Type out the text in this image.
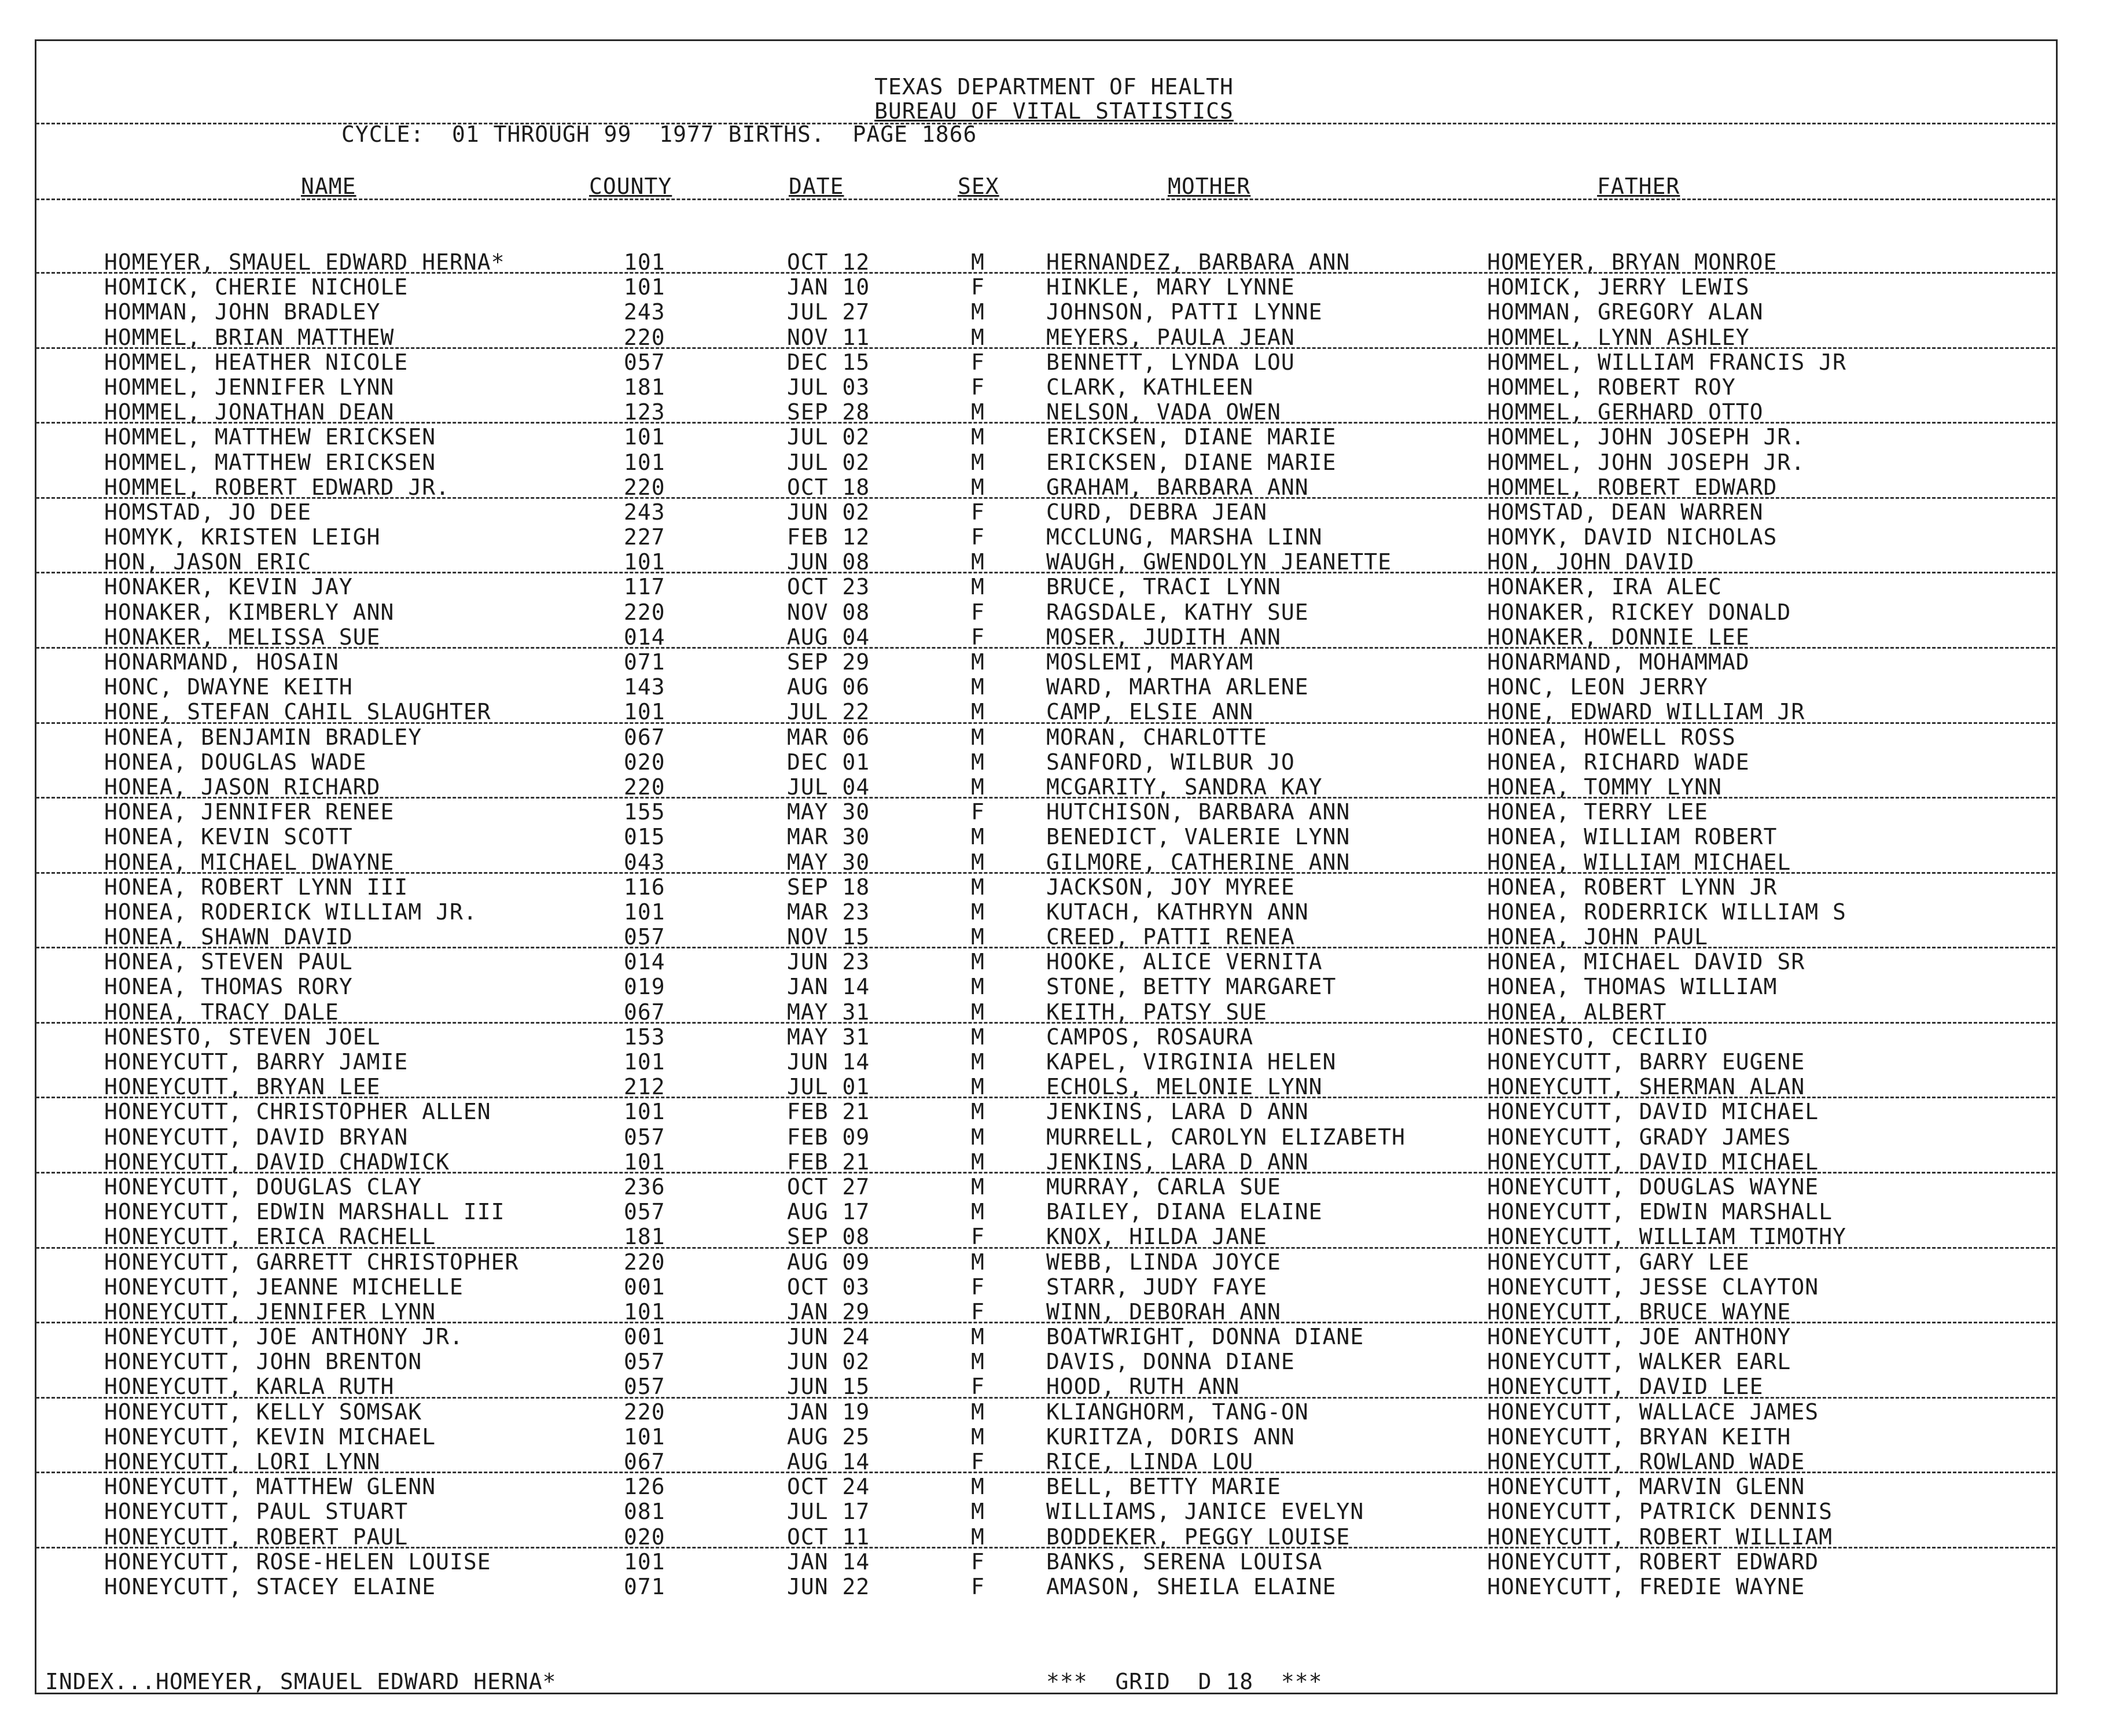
TEXAS DEPARTMENT OF HEALTH
BUREAU OF VITAL STATISTICS
CYCLE:  01 THROUGH 99  1977 BIRTHS.  PAGE 1866
NAME	COUNTY	DATE	SEX	MOTHER	FATHER
HOMEYER, SMAUEL EDWARD HERNA*	101	OCT 12	M	HERNANDEZ, BARBARA ANN	HOMEYER, BRYAN MONROE
HOMICK, CHERIE NICHOLE	101	JAN 10	F	HINKLE, MARY LYNNE	HOMICK, JERRY LEWIS
HOMMAN, JOHN BRADLEY	243	JUL 27	M	JOHNSON, PATTI LYNNE	HOMMAN, GREGORY ALAN
HOMMEL, BRIAN MATTHEW	220	NOV 11	M	MEYERS, PAULA JEAN	HOMMEL, LYNN ASHLEY
HOMMEL, HEATHER NICOLE	057	DEC 15	F	BENNETT, LYNDA LOU	HOMMEL, WILLIAM FRANCIS JR
HOMMEL, JENNIFER LYNN	181	JUL 03	F	CLARK, KATHLEEN	HOMMEL, ROBERT ROY
HOMMEL, JONATHAN DEAN	123	SEP 28	M	NELSON, VADA OWEN	HOMMEL, GERHARD OTTO
HOMMEL, MATTHEW ERICKSEN	101	JUL 02	M	ERICKSEN, DIANE MARIE	HOMMEL, JOHN JOSEPH JR.
HOMMEL, MATTHEW ERICKSEN	101	JUL 02	M	ERICKSEN, DIANE MARIE	HOMMEL, JOHN JOSEPH JR.
HOMMEL, ROBERT EDWARD JR.	220	OCT 18	M	GRAHAM, BARBARA ANN	HOMMEL, ROBERT EDWARD
HOMSTAD, JO DEE	243	JUN 02	F	CURD, DEBRA JEAN	HOMSTAD, DEAN WARREN
HOMYK, KRISTEN LEIGH	227	FEB 12	F	MCCLUNG, MARSHA LINN	HOMYK, DAVID NICHOLAS
HON, JASON ERIC	101	JUN 08	M	WAUGH, GWENDOLYN JEANETTE	HON, JOHN DAVID
HONAKER, KEVIN JAY	117	OCT 23	M	BRUCE, TRACI LYNN	HONAKER, IRA ALEC
HONAKER, KIMBERLY ANN	220	NOV 08	F	RAGSDALE, KATHY SUE	HONAKER, RICKEY DONALD
HONAKER, MELISSA SUE	014	AUG 04	F	MOSER, JUDITH ANN	HONAKER, DONNIE LEE
HONARMAND, HOSAIN	071	SEP 29	M	MOSLEMI, MARYAM	HONARMAND, MOHAMMAD
HONC, DWAYNE KEITH	143	AUG 06	M	WARD, MARTHA ARLENE	HONC, LEON JERRY
HONE, STEFAN CAHIL SLAUGHTER	101	JUL 22	M	CAMP, ELSIE ANN	HONE, EDWARD WILLIAM JR
HONEA, BENJAMIN BRADLEY	067	MAR 06	M	MORAN, CHARLOTTE	HONEA, HOWELL ROSS
HONEA, DOUGLAS WADE	020	DEC 01	M	SANFORD, WILBUR JO	HONEA, RICHARD WADE
HONEA, JASON RICHARD	220	JUL 04	M	MCGARITY, SANDRA KAY	HONEA, TOMMY LYNN
HONEA, JENNIFER RENEE	155	MAY 30	F	HUTCHISON, BARBARA ANN	HONEA, TERRY LEE
HONEA, KEVIN SCOTT	015	MAR 30	M	BENEDICT, VALERIE LYNN	HONEA, WILLIAM ROBERT
HONEA, MICHAEL DWAYNE	043	MAY 30	M	GILMORE, CATHERINE ANN	HONEA, WILLIAM MICHAEL
HONEA, ROBERT LYNN III	116	SEP 18	M	JACKSON, JOY MYREE	HONEA, ROBERT LYNN JR
HONEA, RODERICK WILLIAM JR.	101	MAR 23	M	KUTACH, KATHRYN ANN	HONEA, RODERRICK WILLIAM S
HONEA, SHAWN DAVID	057	NOV 15	M	CREED, PATTI RENEA	HONEA, JOHN PAUL
HONEA, STEVEN PAUL	014	JUN 23	M	HOOKE, ALICE VERNITA	HONEA, MICHAEL DAVID SR
HONEA, THOMAS RORY	019	JAN 14	M	STONE, BETTY MARGARET	HONEA, THOMAS WILLIAM
HONEA, TRACY DALE	067	MAY 31	M	KEITH, PATSY SUE	HONEA, ALBERT
HONESTO, STEVEN JOEL	153	MAY 31	M	CAMPOS, ROSAURA	HONESTO, CECILIO
HONEYCUTT, BARRY JAMIE	101	JUN 14	M	KAPEL, VIRGINIA HELEN	HONEYCUTT, BARRY EUGENE
HONEYCUTT, BRYAN LEE	212	JUL 01	M	ECHOLS, MELONIE LYNN	HONEYCUTT, SHERMAN ALAN
HONEYCUTT, CHRISTOPHER ALLEN	101	FEB 21	M	JENKINS, LARA D ANN	HONEYCUTT, DAVID MICHAEL
HONEYCUTT, DAVID BRYAN	057	FEB 09	M	MURRELL, CAROLYN ELIZABETH	HONEYCUTT, GRADY JAMES
HONEYCUTT, DAVID CHADWICK	101	FEB 21	M	JENKINS, LARA D ANN	HONEYCUTT, DAVID MICHAEL
HONEYCUTT, DOUGLAS CLAY	236	OCT 27	M	MURRAY, CARLA SUE	HONEYCUTT, DOUGLAS WAYNE
HONEYCUTT, EDWIN MARSHALL III	057	AUG 17	M	BAILEY, DIANA ELAINE	HONEYCUTT, EDWIN MARSHALL
HONEYCUTT, ERICA RACHELL	181	SEP 08	F	KNOX, HILDA JANE	HONEYCUTT, WILLIAM TIMOTHY
HONEYCUTT, GARRETT CHRISTOPHER	220	AUG 09	M	WEBB, LINDA JOYCE	HONEYCUTT, GARY LEE
HONEYCUTT, JEANNE MICHELLE	001	OCT 03	F	STARR, JUDY FAYE	HONEYCUTT, JESSE CLAYTON
HONEYCUTT, JENNIFER LYNN	101	JAN 29	F	WINN, DEBORAH ANN	HONEYCUTT, BRUCE WAYNE
HONEYCUTT, JOE ANTHONY JR.	001	JUN 24	M	BOATWRIGHT, DONNA DIANE	HONEYCUTT, JOE ANTHONY
HONEYCUTT, JOHN BRENTON	057	JUN 02	M	DAVIS, DONNA DIANE	HONEYCUTT, WALKER EARL
HONEYCUTT, KARLA RUTH	057	JUN 15	F	HOOD, RUTH ANN	HONEYCUTT, DAVID LEE
HONEYCUTT, KELLY SOMSAK	220	JAN 19	M	KLIANGHORM, TANG-ON	HONEYCUTT, WALLACE JAMES
HONEYCUTT, KEVIN MICHAEL	101	AUG 25	M	KURITZA, DORIS ANN	HONEYCUTT, BRYAN KEITH
HONEYCUTT, LORI LYNN	067	AUG 14	F	RICE, LINDA LOU	HONEYCUTT, ROWLAND WADE
HONEYCUTT, MATTHEW GLENN	126	OCT 24	M	BELL, BETTY MARIE	HONEYCUTT, MARVIN GLENN
HONEYCUTT, PAUL STUART	081	JUL 17	M	WILLIAMS, JANICE EVELYN	HONEYCUTT, PATRICK DENNIS
HONEYCUTT, ROBERT PAUL	020	OCT 11	M	BODDEKER, PEGGY LOUISE	HONEYCUTT, ROBERT WILLIAM
HONEYCUTT, ROSE-HELEN LOUISE	101	JAN 14	F	BANKS, SERENA LOUISA	HONEYCUTT, ROBERT EDWARD
HONEYCUTT, STACEY ELAINE	071	JUN 22	F	AMASON, SHEILA ELAINE	HONEYCUTT, FREDIE WAYNE
INDEX...HOMEYER, SMAUEL EDWARD HERNA*	***  GRID  D 18  ***
